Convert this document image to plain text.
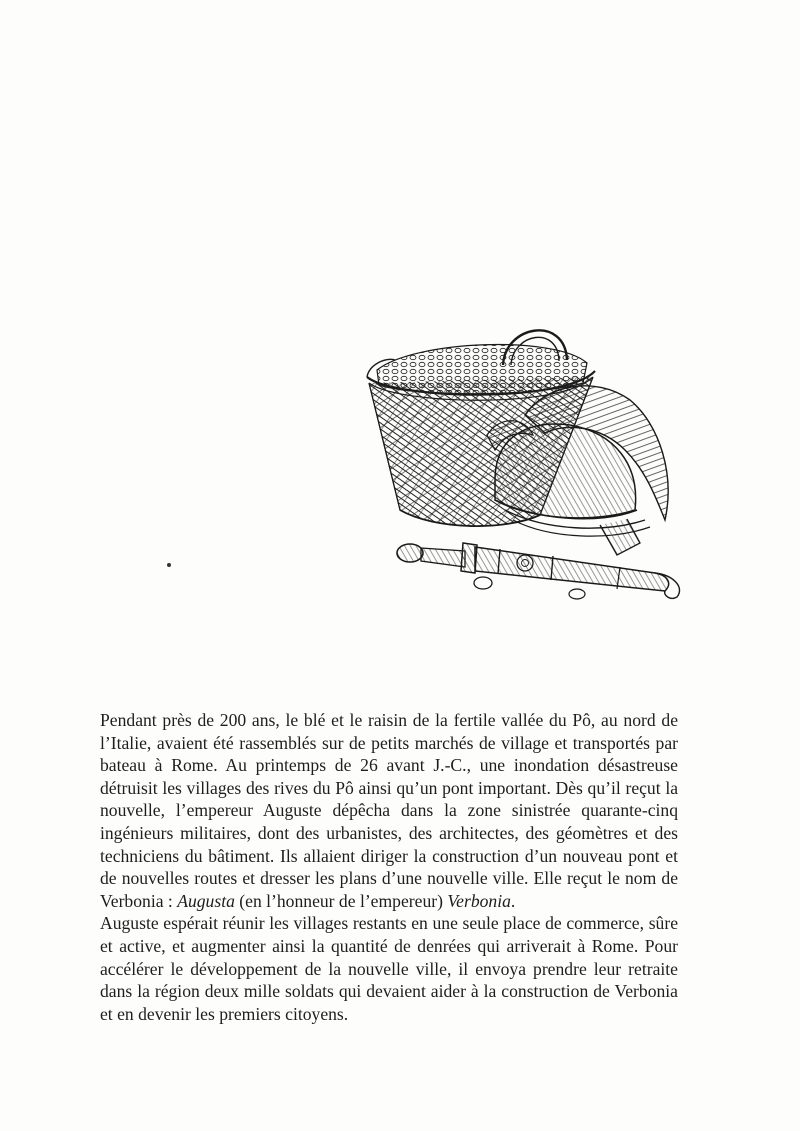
Pendant près de 200 ans, le blé et le raisin de la fertile vallée du Pô, au nord de l’Italie, avaient été rassemblés sur de petits marchés de village et transportés par bateau à Rome. Au printemps de 26 avant J.-C., une inondation désastreuse détruisit les villages des rives du Pô ainsi qu’un pont important. Dès qu’il reçut la nouvelle, l’empereur Auguste dépêcha dans la zone sinistrée quarante-cinq ingénieurs militaires, dont des urbanistes, des architectes, des géomètres et des techniciens du bâtiment. Ils allaient diriger la construction d’un nouveau pont et de nouvelles routes et dresser les plans d’une nouvelle ville. Elle reçut le nom de Verbonia : Augusta (en l’honneur de l’empereur) Verbonia.

Auguste espérait réunir les villages restants en une seule place de commerce, sûre et active, et augmenter ainsi la quantité de denrées qui arriverait à Rome. Pour accélérer le développement de la nouvelle ville, il envoya prendre leur retraite dans la région deux mille soldats qui devaient aider à la construction de Verbonia et en devenir les premiers citoyens.
